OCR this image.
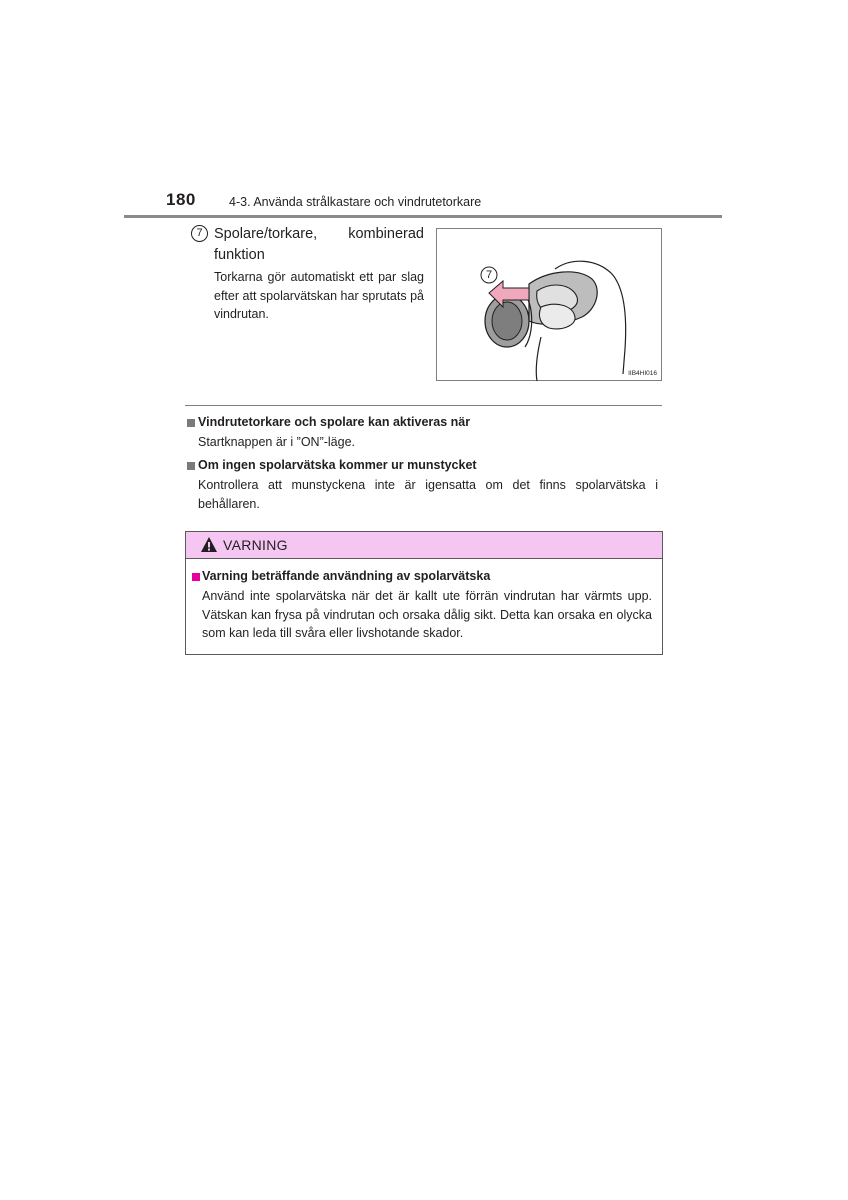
180	4-3. Använda strålkastare och vindrutetorkare
7 Spolare/torkare, kombinerad funktion
Torkarna gör automatiskt ett par slag efter att spolarvätskan har sprutats på vindrutan.
7
IIB4HI016
Vindrutetorkare och spolare kan aktiveras när
Startknappen är i ”ON”-läge.
Om ingen spolarvätska kommer ur munstycket
Kontrollera att munstyckena inte är igensatta om det finns spolarvätska i behållaren.
VARNING
Varning beträffande användning av spolarvätska
Använd inte spolarvätska när det är kallt ute förrän vindrutan har värmts upp. Vätskan kan frysa på vindrutan och orsaka dålig sikt. Detta kan orsaka en olycka som kan leda till svåra eller livshotande skador.
